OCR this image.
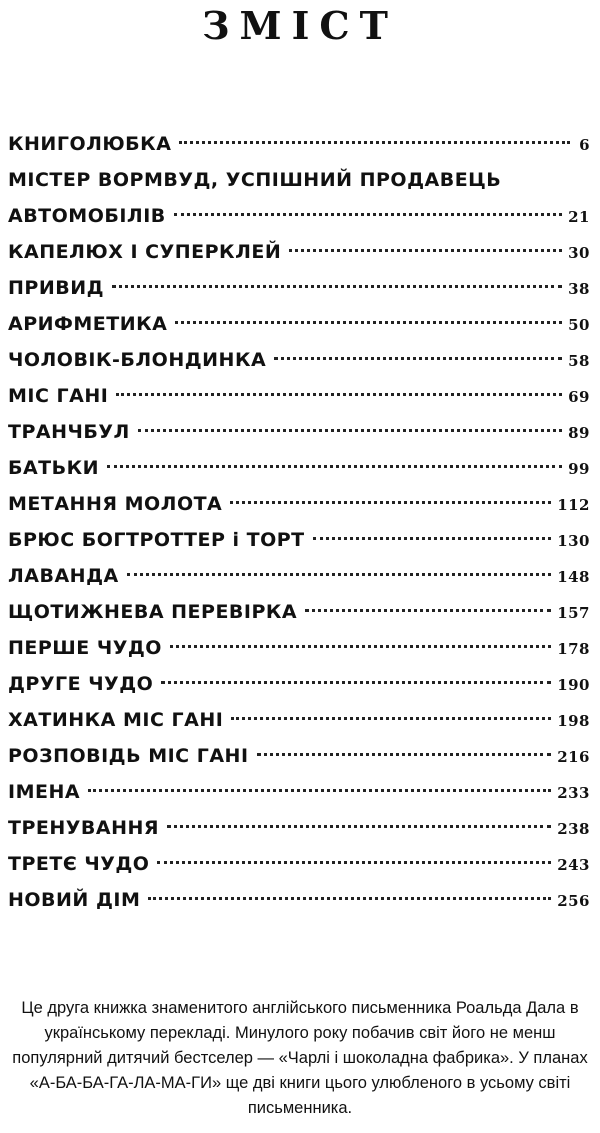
ЗМІСТ
КНИГОЛЮБКА	6
МІСТЕР ВОРМВУД, УСПІШНИЙ ПРОДАВЕЦЬ
АВТОМОБІЛІВ	21
КАПЕЛЮХ І СУПЕРКЛЕЙ	30
ПРИВИД	38
АРИФМЕТИКА	50
ЧОЛОВІК-БЛОНДИНКА	58
МІС ГАНІ	69
ТРАНЧБУЛ	89
БАТЬКИ	99
МЕТАННЯ МОЛОТА	112
БРЮС БОГТРОТТЕР і ТОРТ	130
ЛАВАНДА	148
ЩОТИЖНЕВА ПЕРЕВІРКА	157
ПЕРШЕ ЧУДО	178
ДРУГЕ ЧУДО	190
ХАТИНКА МІС ГАНІ	198
РОЗПОВІДЬ МІС ГАНІ	216
ІМЕНА	233
ТРЕНУВАННЯ	238
ТРЕТЄ ЧУДО	243
НОВИЙ ДІМ	256
Це друга книжка знаменитого англійського письменника Роальда Дала в українському перекладі. Минулого року побачив світ його не менш популярний дитячий бестселер — «Чарлі і шоколадна фабрика». У планах «А-БА-БА-ГА-ЛА-МА-ГИ» ще дві книги цього улюбленого в усьому світі письменника.
